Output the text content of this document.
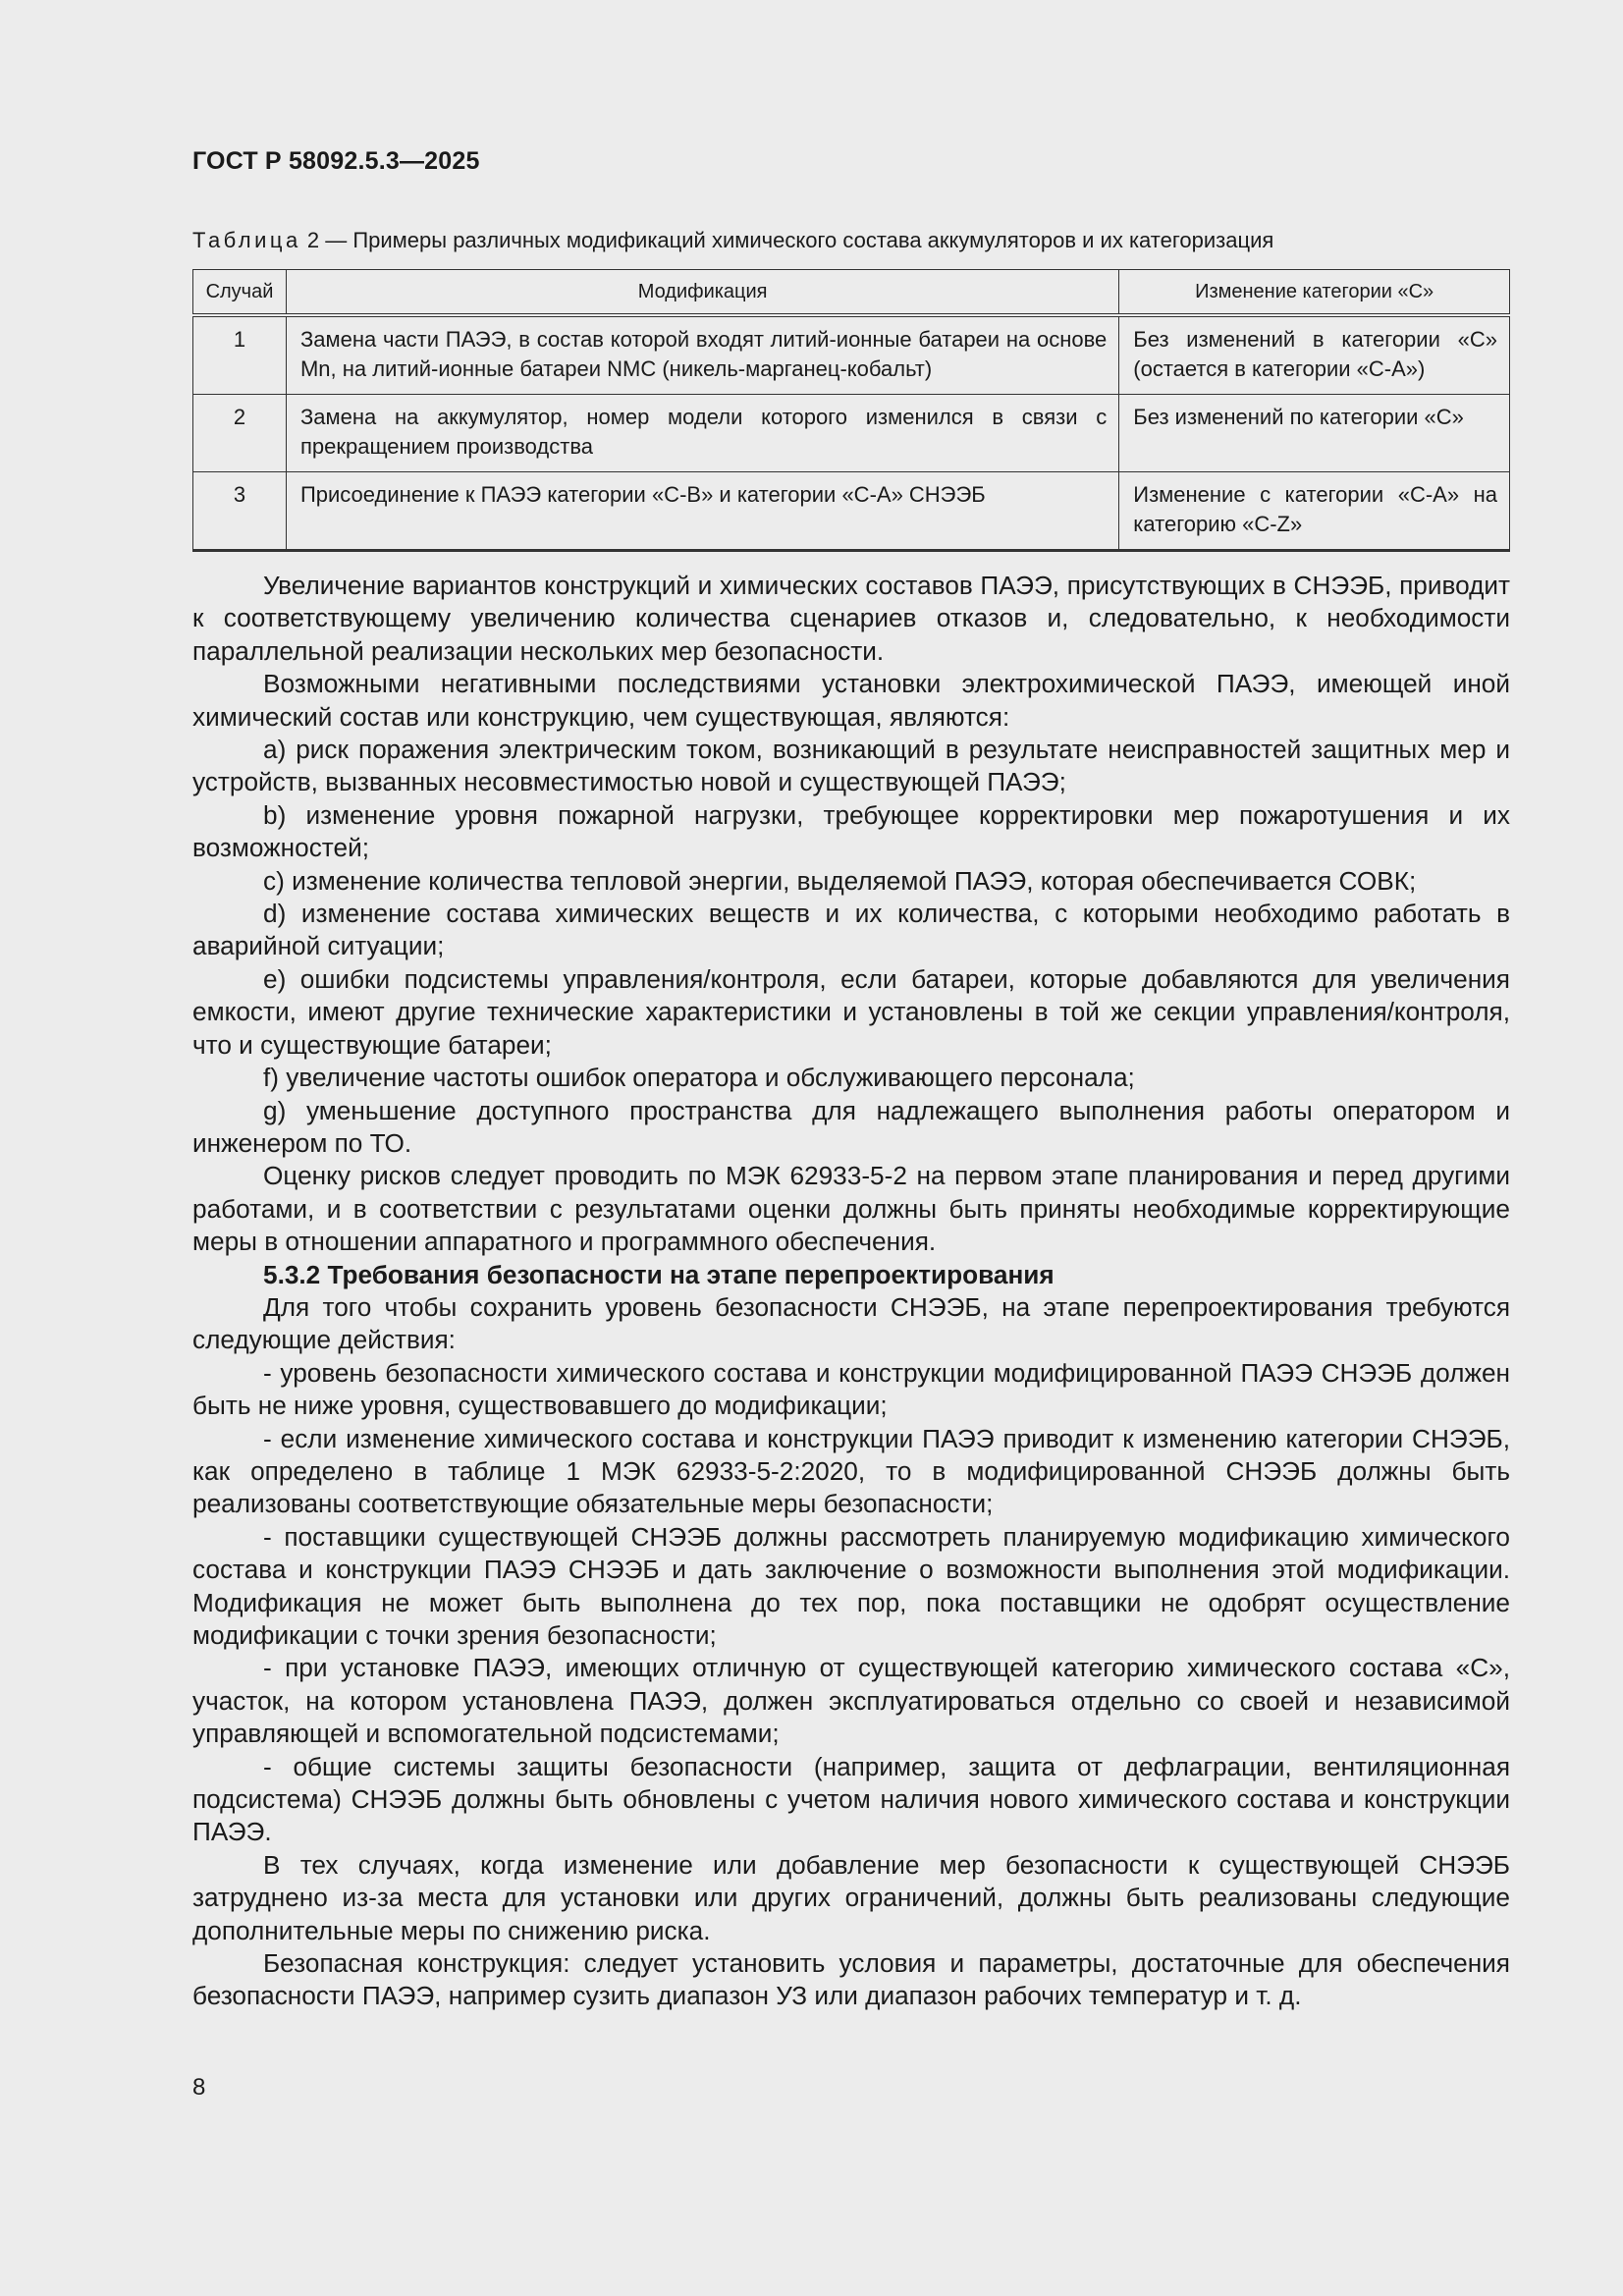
ГОСТ Р 58092.5.3—2025
Таблица 2 — Примеры различных модификаций химического состава аккумуляторов и их категоризация
Случай	Модификация	Изменение категории «С»
1	Замена части ПАЭЭ, в состав которой входят литий-ионные батареи на основе Mn, на литий-ионные батареи NMC (никель-марганец-кобальт)	Без изменений в категории «С» (остается в категории «С-А»)
2	Замена на аккумулятор, номер модели которого изменился в связи с прекращением производства	Без изменений по категории «С»
3	Присоединение к ПАЭЭ категории «С-В» и категории «С-А» СНЭЭБ	Изменение с категории «С-А» на категорию «C-Z»

Увеличение вариантов конструкций и химических составов ПАЭЭ, присутствующих в СНЭЭБ, приводит к соответствующему увеличению количества сценариев отказов и, следовательно, к необходимости параллельной реализации нескольких мер безопасности.

Возможными негативными последствиями установки электрохимической ПАЭЭ, имеющей иной химический состав или конструкцию, чем существующая, являются:

а) риск поражения электрическим током, возникающий в результате неисправностей защитных мер и устройств, вызванных несовместимостью новой и существующей ПАЭЭ;

b) изменение уровня пожарной нагрузки, требующее корректировки мер пожаротушения и их возможностей;

c) изменение количества тепловой энергии, выделяемой ПАЭЭ, которая обеспечивается СОВК;

d) изменение состава химических веществ и их количества, с которыми необходимо работать в аварийной ситуации;

e) ошибки подсистемы управления/контроля, если батареи, которые добавляются для увеличения емкости, имеют другие технические характеристики и установлены в той же секции управления/контроля, что и существующие батареи;

f) увеличение частоты ошибок оператора и обслуживающего персонала;

g) уменьшение доступного пространства для надлежащего выполнения работы оператором и инженером по ТО.

Оценку рисков следует проводить по МЭК 62933-5-2 на первом этапе планирования и перед другими работами, и в соответствии с результатами оценки должны быть приняты необходимые корректирующие меры в отношении аппаратного и программного обеспечения.

5.3.2 Требования безопасности на этапе перепроектирования

Для того чтобы сохранить уровень безопасности СНЭЭБ, на этапе перепроектирования требуются следующие действия:

- уровень безопасности химического состава и конструкции модифицированной ПАЭЭ СНЭЭБ должен быть не ниже уровня, существовавшего до модификации;

- если изменение химического состава и конструкции ПАЭЭ приводит к изменению категории СНЭЭБ, как определено в таблице 1 МЭК 62933-5-2:2020, то в модифицированной СНЭЭБ должны быть реализованы соответствующие обязательные меры безопасности;

- поставщики существующей СНЭЭБ должны рассмотреть планируемую модификацию химического состава и конструкции ПАЭЭ СНЭЭБ и дать заключение о возможности выполнения этой модификации. Модификация не может быть выполнена до тех пор, пока поставщики не одобрят осуществление модификации с точки зрения безопасности;

- при установке ПАЭЭ, имеющих отличную от существующей категорию химического состава «С», участок, на котором установлена ПАЭЭ, должен эксплуатироваться отдельно со своей и независимой управляющей и вспомогательной подсистемами;

- общие системы защиты безопасности (например, защита от дефлаграции, вентиляционная подсистема) СНЭЭБ должны быть обновлены с учетом наличия нового химического состава и конструкции ПАЭЭ.

В тех случаях, когда изменение или добавление мер безопасности к существующей СНЭЭБ затруднено из-за места для установки или других ограничений, должны быть реализованы следующие дополнительные меры по снижению риска.

Безопасная конструкция: следует установить условия и параметры, достаточные для обеспечения безопасности ПАЭЭ, например сузить диапазон УЗ или диапазон рабочих температур и т. д.

8
